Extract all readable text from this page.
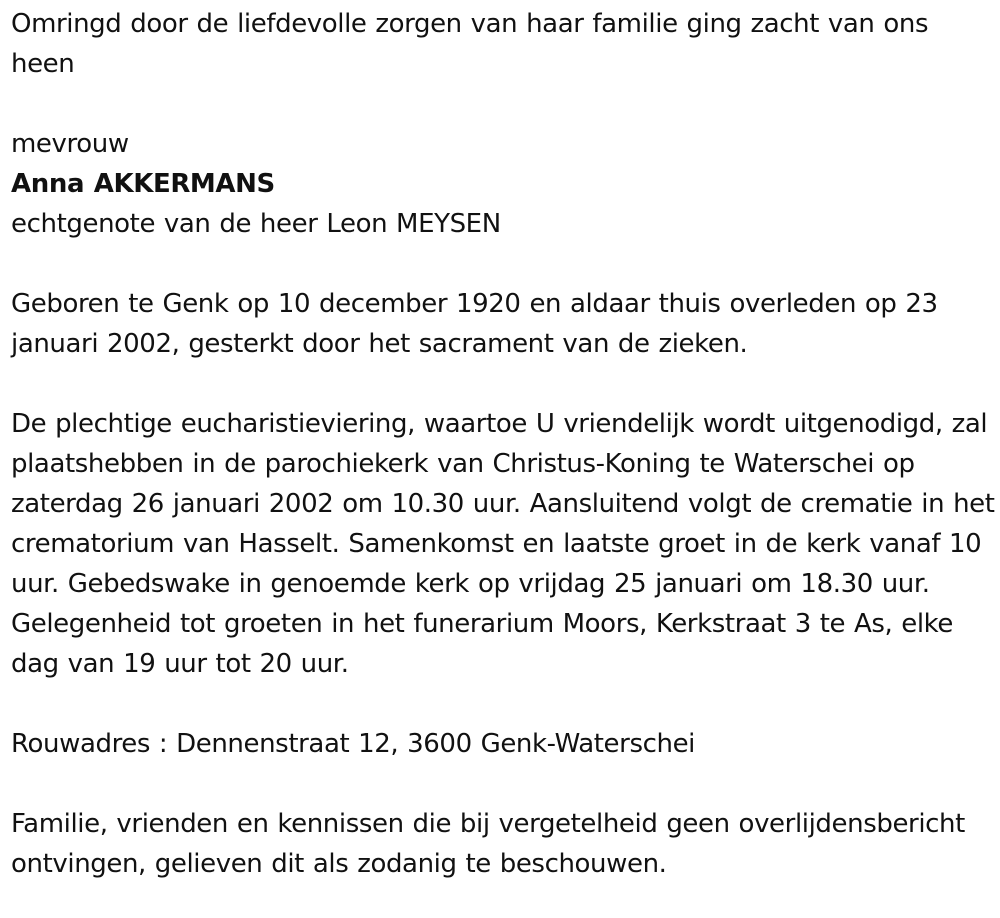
Omringd door de liefdevolle zorgen van haar familie ging zacht van ons heen

mevrouw

Anna AKKERMANS

echtgenote van de heer Leon MEYSEN

Geboren te Genk op 10 december 1920 en aldaar thuis overleden op 23 januari 2002, gesterkt door het sacrament van de zieken.

De plechtige eucharistieviering, waartoe U vriendelijk wordt uitgenodigd, zal plaatshebben in de parochiekerk van Christus-Koning te Waterschei op zaterdag 26 januari 2002 om 10.30 uur. Aansluitend volgt de crematie in het crematorium van Hasselt. Samenkomst en laatste groet in de kerk vanaf 10 uur. Gebedswake in genoemde kerk op vrijdag 25 januari om 18.30 uur. Gelegenheid tot groeten in het funerarium Moors, Kerkstraat 3 te As, elke dag van 19 uur tot 20 uur.

Rouwadres : Dennenstraat 12, 3600 Genk-Waterschei

Familie, vrienden en kennissen die bij vergetelheid geen overlijdensbericht ontvingen, gelieven dit als zodanig te beschouwen.
